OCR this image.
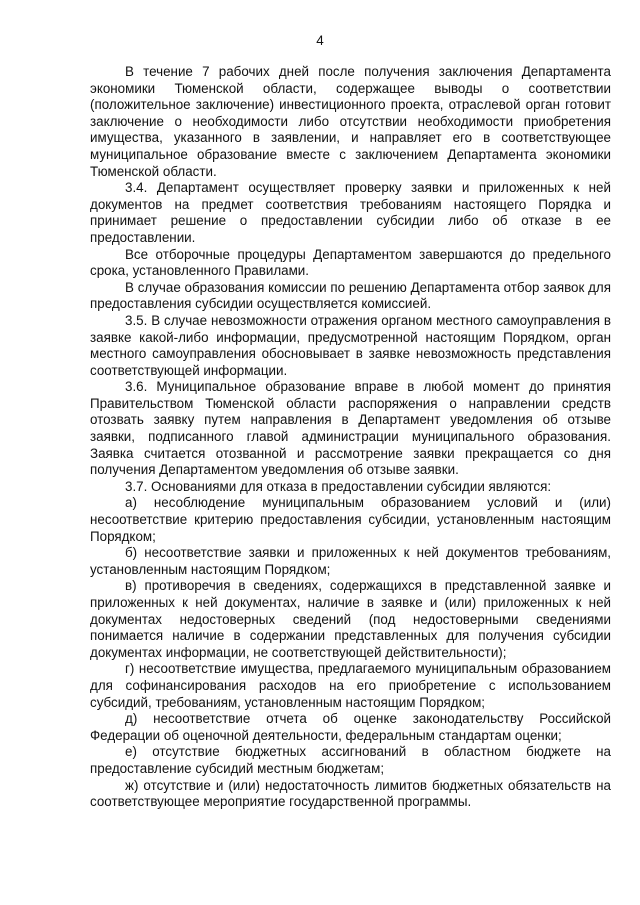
4

В течение 7 рабочих дней после получения заключения Департамента экономики Тюменской области, содержащее выводы о соответствии (положительное заключение) инвестиционного проекта, отраслевой орган готовит заключение о необходимости либо отсутствии необходимости приобретения имущества, указанного в заявлении, и направляет его в соответствующее муниципальное образование вместе с заключением Департамента экономики Тюменской области.

3.4. Департамент осуществляет проверку заявки и приложенных к ней документов на предмет соответствия требованиям настоящего Порядка и принимает решение о предоставлении субсидии либо об отказе в ее предоставлении.

Все отборочные процедуры Департаментом завершаются до предельного срока, установленного Правилами.

В случае образования комиссии по решению Департамента отбор заявок для предоставления субсидии осуществляется комиссией.

3.5. В случае невозможности отражения органом местного самоуправления в заявке какой-либо информации, предусмотренной настоящим Порядком, орган местного самоуправления обосновывает в заявке невозможность представления соответствующей информации.

3.6. Муниципальное образование вправе в любой момент до принятия Правительством Тюменской области распоряжения о направлении средств отозвать заявку путем направления в Департамент уведомления об отзыве заявки, подписанного главой администрации муниципального образования. Заявка считается отозванной и рассмотрение заявки прекращается со дня получения Департаментом уведомления об отзыве заявки.

3.7. Основаниями для отказа в предоставлении субсидии являются:

а) несоблюдение муниципальным образованием условий и (или) несоответствие критерию предоставления субсидии, установленным настоящим Порядком;

б) несоответствие заявки и приложенных к ней документов требованиям, установленным настоящим Порядком;

в) противоречия в сведениях, содержащихся в представленной заявке и приложенных к ней документах, наличие в заявке и (или) приложенных к ней документах недостоверных сведений (под недостоверными сведениями понимается наличие в содержании представленных для получения субсидии документах информации, не соответствующей действительности);

г) несоответствие имущества, предлагаемого муниципальным образованием для софинансирования расходов на его приобретение с использованием субсидий, требованиям, установленным настоящим Порядком;

д) несоответствие отчета об оценке законодательству Российской Федерации об оценочной деятельности, федеральным стандартам оценки;

е) отсутствие бюджетных ассигнований в областном бюджете на предоставление субсидий местным бюджетам;

ж) отсутствие и (или) недостаточность лимитов бюджетных обязательств на соответствующее мероприятие государственной программы.
